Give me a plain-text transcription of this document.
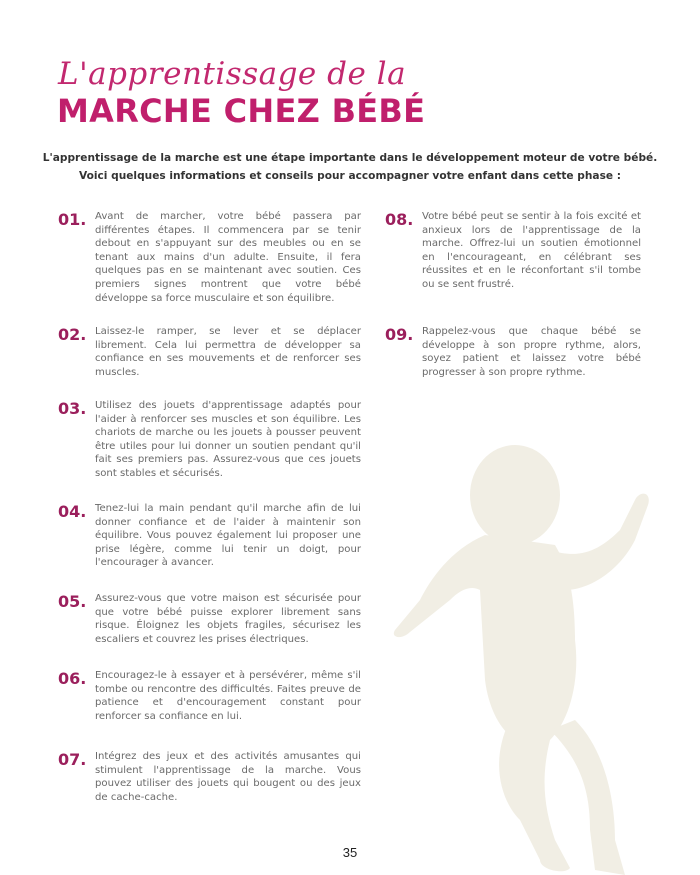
L'apprentissage de la
MARCHE CHEZ BÉBÉ
L'apprentissage de la marche est une étape importante dans le développement moteur de votre bébé.
Voici quelques informations et conseils pour accompagner votre enfant dans cette phase :
01. Avant de marcher, votre bébé passera par différentes étapes. Il commencera par se tenir debout en s'appuyant sur des meubles ou en se tenant aux mains d'un adulte. Ensuite, il fera quelques pas en se maintenant avec soutien. Ces premiers signes montrent que votre bébé développe sa force musculaire et son équilibre.
02. Laissez-le ramper, se lever et se déplacer librement. Cela lui permettra de développer sa confiance en ses mouvements et de renforcer ses muscles.
03. Utilisez des jouets d'apprentissage adaptés pour l'aider à renforcer ses muscles et son équilibre. Les chariots de marche ou les jouets à pousser peuvent être utiles pour lui donner un soutien pendant qu'il fait ses premiers pas. Assurez-vous que ces jouets sont stables et sécurisés.
04. Tenez-lui la main pendant qu'il marche afin de lui donner confiance et de l'aider à maintenir son équilibre. Vous pouvez également lui proposer une prise légère, comme lui tenir un doigt, pour l'encourager à avancer.
05. Assurez-vous que votre maison est sécurisée pour que votre bébé puisse explorer librement sans risque. Éloignez les objets fragiles, sécurisez les escaliers et couvrez les prises électriques.
06. Encouragez-le à essayer et à persévérer, même s'il tombe ou rencontre des difficultés. Faites preuve de patience et d'encouragement constant pour renforcer sa confiance en lui.
07. Intégrez des jeux et des activités amusantes qui stimulent l'apprentissage de la marche. Vous pouvez utiliser des jouets qui bougent ou des jeux de cache-cache.
08. Votre bébé peut se sentir à la fois excité et anxieux lors de l'apprentissage de la marche. Offrez-lui un soutien émotionnel en l'encourageant, en célébrant ses réussites et en le réconfortant s'il tombe ou se sent frustré.
09. Rappelez-vous que chaque bébé se développe à son propre rythme, alors, soyez patient et laissez votre bébé progresser à son propre rythme.
35
